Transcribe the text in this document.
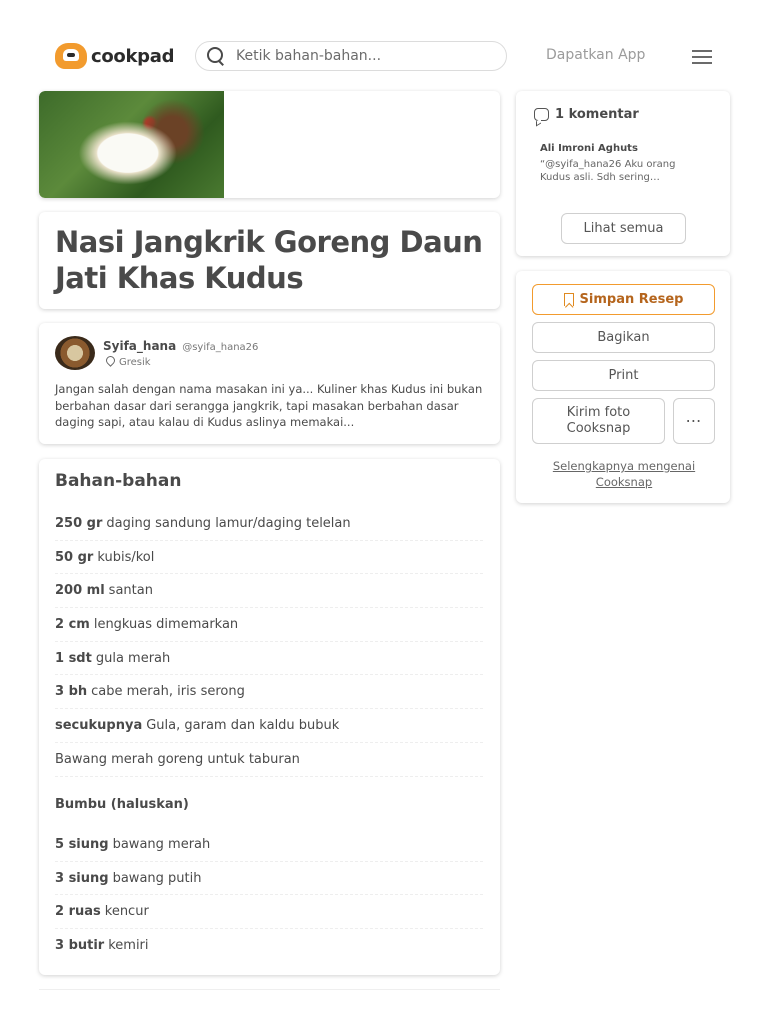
cookpad
Ketik bahan-bahan...	Dapatkan App
Nasi Jangkrik Goreng Daun Jati Khas Kudus
Syifa_hana @syifa_hana26
Gresik

Jangan salah dengan nama masakan ini ya... Kuliner khas Kudus ini bukan berbahan dasar dari serangga jangkrik, tapi masakan berbahan dasar daging sapi, atau kalau di Kudus aslinya memakai...

Bahan-bahan
250 gr daging sandung lamur/daging telelan
50 gr kubis/kol
200 ml santan
2 cm lengkuas dimemarkan
1 sdt gula merah
3 bh cabe merah, iris serong
secukupnya Gula, garam dan kaldu bubuk
Bawang merah goreng untuk taburan
Bumbu (haluskan)
5 siung bawang merah
3 siung bawang putih
2 ruas kencur
3 butir kemiri
1 komentar
Ali Imroni Aghuts
“@syifa_hana26 Aku orang Kudus asli. Sdh sering…
Lihat semua
Simpan Resep
Bagikan
Print
Kirim foto Cooksnap	⋯
Selengkapnya mengenai Cooksnap
